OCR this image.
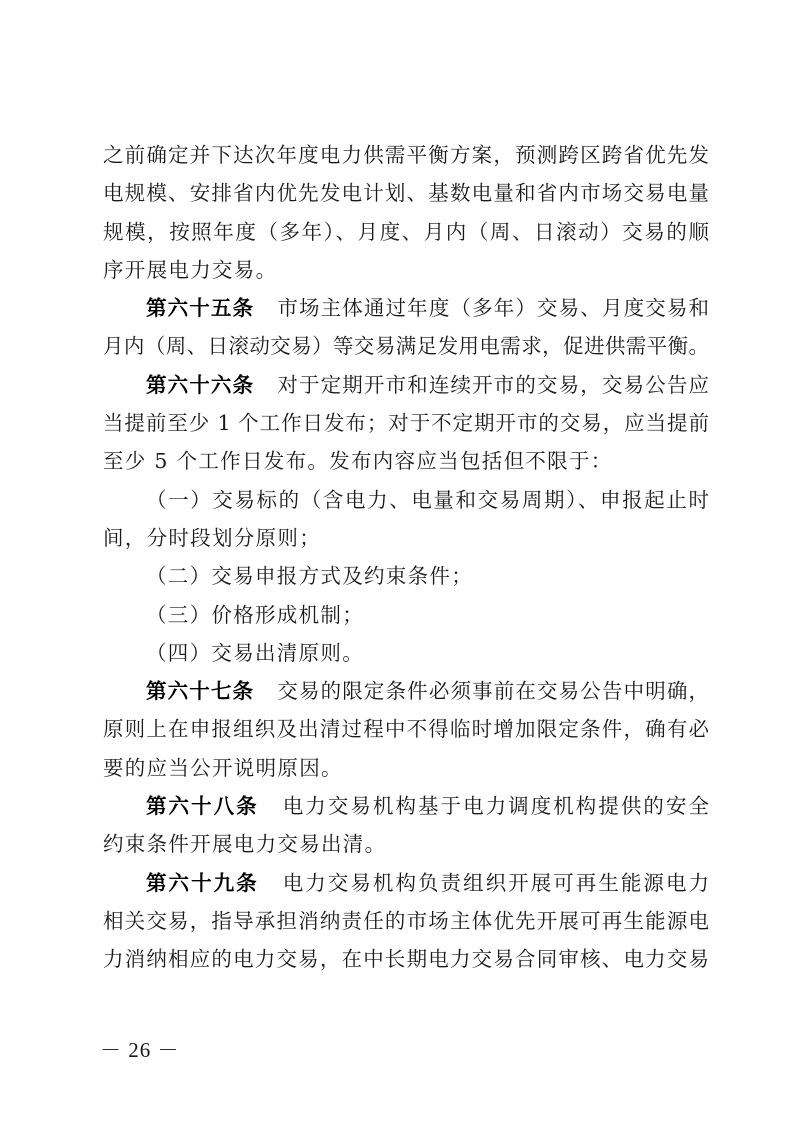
之前确定并下达次年度电力供需平衡方案，预测跨区跨省优先发
电规模、安排省内优先发电计划、基数电量和省内市场交易电量
规模，按照年度（多年）、月度、月内（周、日滚动）交易的顺
序开展电力交易。
第六十五条 市场主体通过年度（多年）交易、月度交易和
月内（周、日滚动交易）等交易满足发用电需求，促进供需平衡。
第六十六条 对于定期开市和连续开市的交易，交易公告应
当提前至少 1 个工作日发布；对于不定期开市的交易，应当提前
至少 5 个工作日发布。发布内容应当包括但不限于：
（一）交易标的（含电力、电量和交易周期）、申报起止时
间，分时段划分原则；
（二）交易申报方式及约束条件；
（三）价格形成机制；
（四）交易出清原则。
第六十七条 交易的限定条件必须事前在交易公告中明确，
原则上在申报组织及出清过程中不得临时增加限定条件，确有必
要的应当公开说明原因。
第六十八条 电力交易机构基于电力调度机构提供的安全
约束条件开展电力交易出清。
第六十九条 电力交易机构负责组织开展可再生能源电力
相关交易，指导承担消纳责任的市场主体优先开展可再生能源电
力消纳相应的电力交易，在中长期电力交易合同审核、电力交易
－ 26 －
